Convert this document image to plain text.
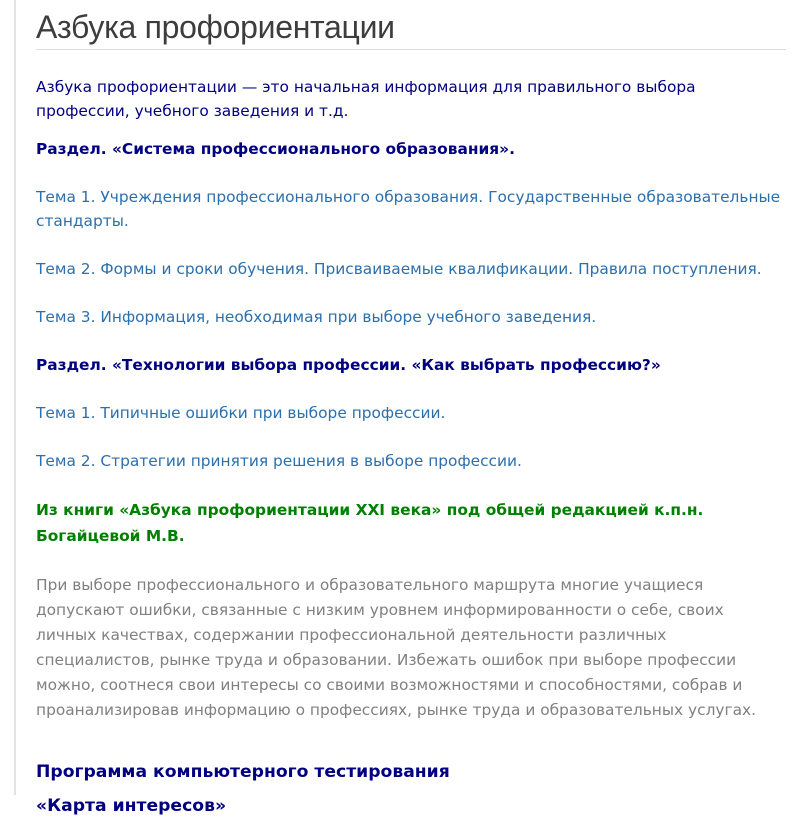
Азбука профориентации

Азбука профориентации — это начальная информация для правильного выбора профессии, учебного заведения и т.д.

Раздел. «Система профессионального образования».

Тема 1. Учреждения профессионального образования. Государственные образовательные стандарты.
Тема 2. Формы и сроки обучения. Присваиваемые квалификации. Правила поступления.
Тема 3. Информация, необходимая при выборе учебного заведения.

Раздел. «Технологии выбора профессии. «Как выбрать профессию?»

Тема 1. Типичные ошибки при выборе профессии.
Тема 2. Стратегии принятия решения в выборе профессии.

Из книги «Азбука профориентации XXI века» под общей редакцией к.п.н. Богайцевой М.В.

При выборе профессионального и образовательного маршрута многие учащиеся допускают ошибки, связанные с низким уровнем информированности о себе, своих личных качествах, содержании профессиональной деятельности различных специалистов, рынке труда и образовании. Избежать ошибок при выборе профессии можно, соотнеся свои интересы со своими возможностями и способностями, собрав и проанализировав информацию о профессиях, рынке труда и образовательных услугах.

Программа компьютерного тестирования

«Карта интересов»
